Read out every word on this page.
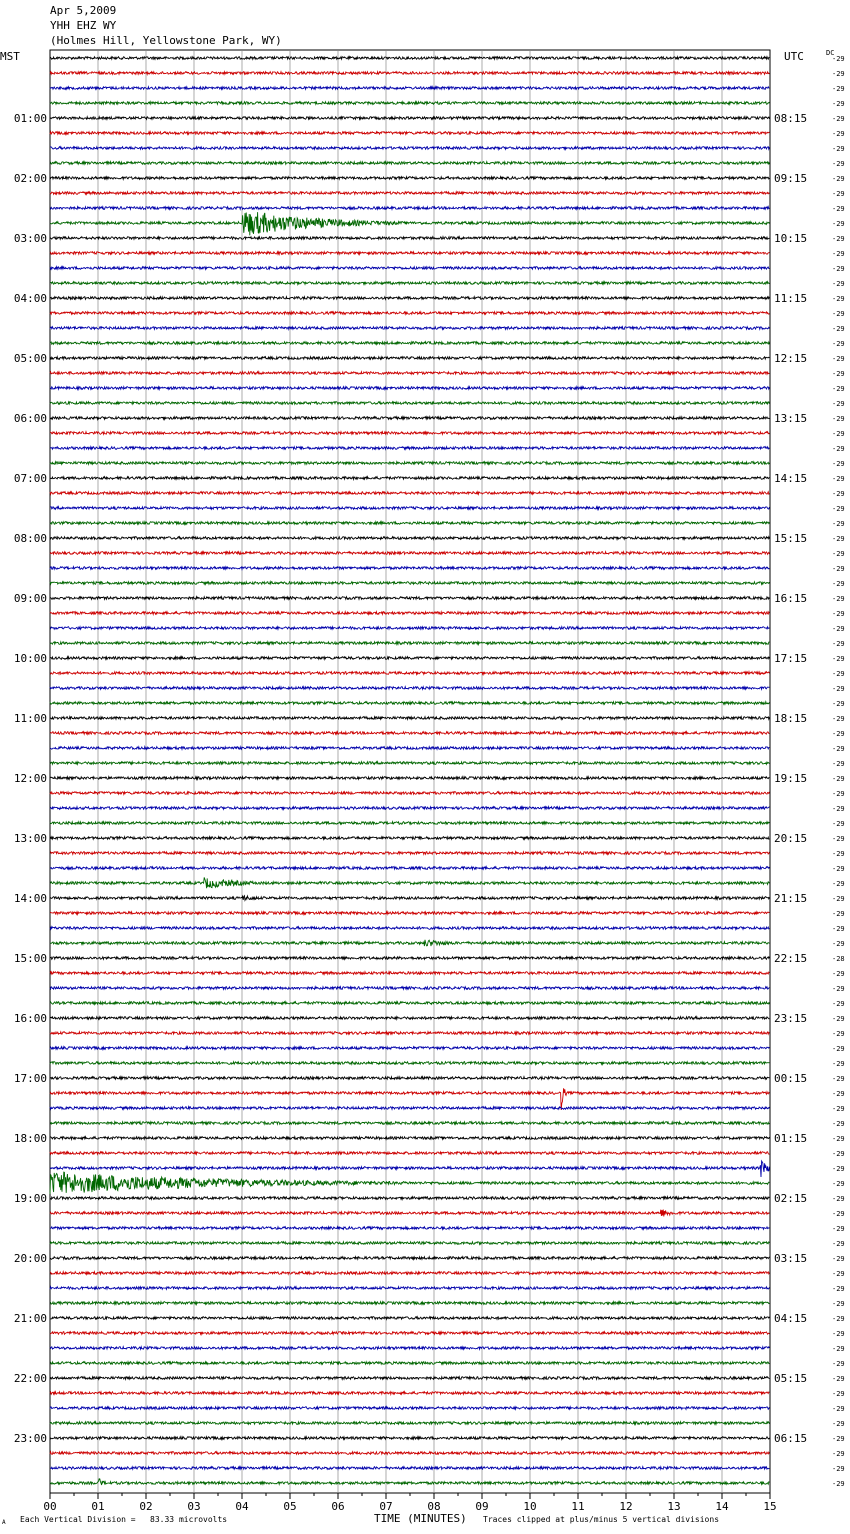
Apr 5,2009
YHH EHZ WY
(Holmes Hill, Yellowstone Park, WY)
MST	UTC	DC
00	01	02	03	04	05	06	07	08	09	10	11	12	13	14	15
-29
-29
-29
-29
-29
-29
-29
-29
-29
-29
-29
-29
-29
-29
-29
-29
-29
-29
-29
-29
-29
-29
-29
-29
-29
-29
-29
-29
-29
-29
-29
-29
-29
-29
-29
-29
-29
-29
-29
-29
-29
-29
-29
-29
-29
-29
-29
-29
-29
-29
-29
-29
-29
-29
-29
-29
-29
-29
-29
-29
-28
-29
-29
-29
-29
-29
-29
-29
-29
-29
-29
-29
-29
-29
-29
-29
-29
-29
-29
-29
-29
-29
-29
-29
-29
-29
-29
-29
-29
-29
-29
-29
-29
-29
-29
-29
01:00
02:00
03:00
04:00
05:00
06:00
07:00
08:00
09:00
10:00
11:00
12:00
13:00
14:00
15:00
16:00
17:00
18:00
19:00
20:00
21:00
22:00
23:00
08:15
09:15
10:15
11:15
12:15
13:15
14:15
15:15
16:15
17:15
18:15
19:15
20:15
21:15
22:15
23:15
00:15
01:15
02:15
03:15
04:15
05:15
06:15
A Each Vertical Division =   83.33 microvolts	TIME (MINUTES) Traces clipped at plus/minus 5 vertical divisions
